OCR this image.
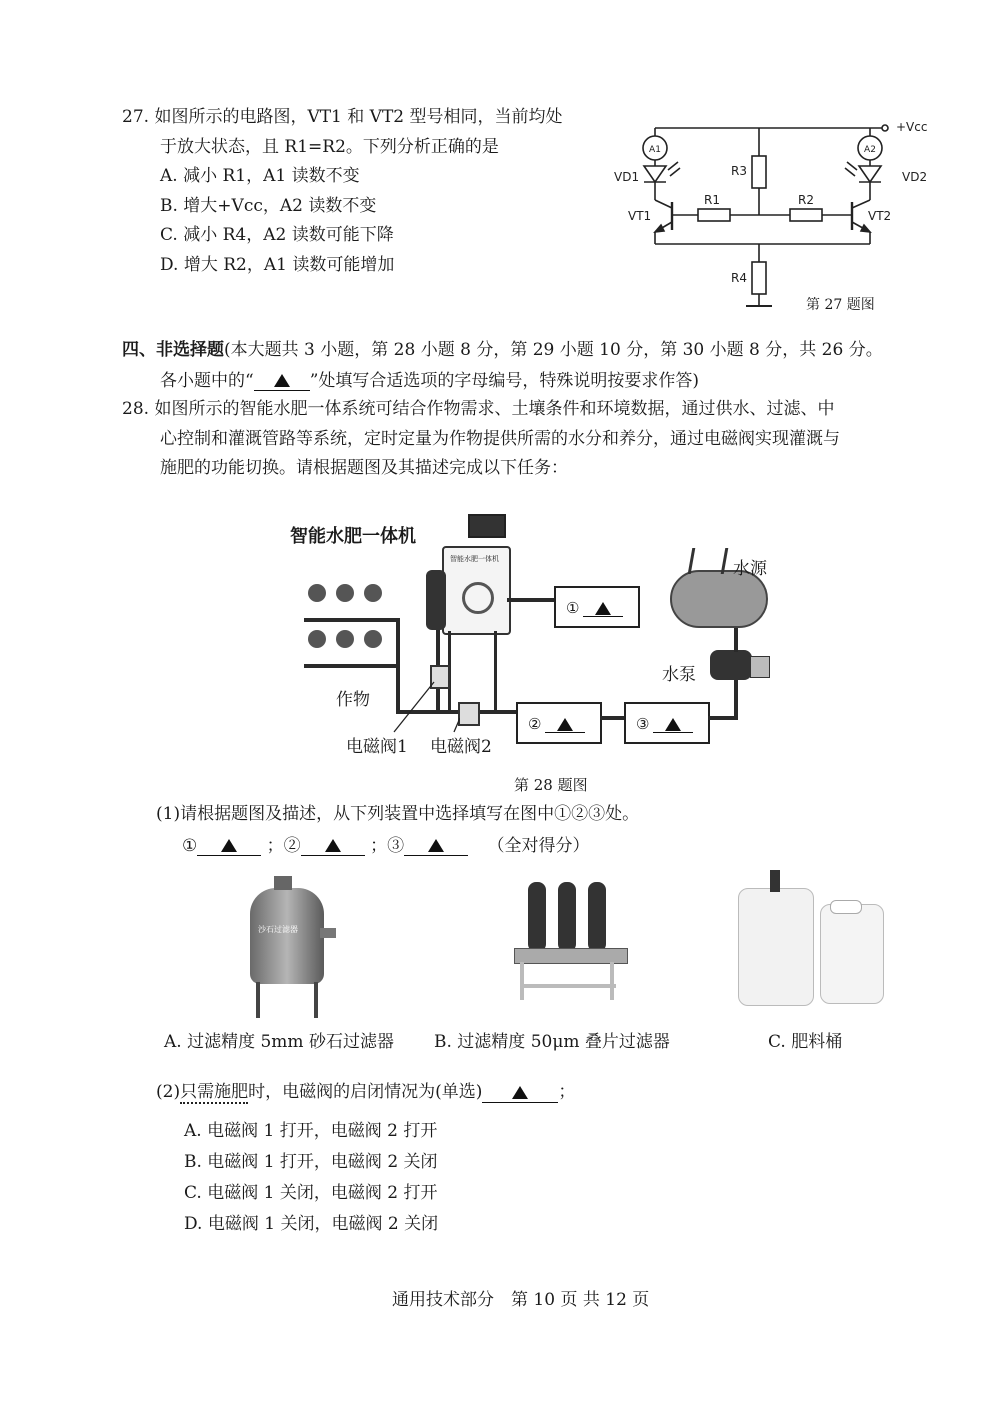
27. 如图所示的电路图，VT1 和 VT2 型号相同，当前均处
于放大状态，且 R1=R2。下列分析正确的是
A. 减小 R1，A1 读数不变
B. 增大+Vcc，A2 读数不变
C. 减小 R4，A2 读数可能下降
D. 增大 R2，A1 读数可能增加
A1	A2
+Vcc
VD1	VD2
R3
R1	R2
VT1	VT2
R4
第 27 题图
四、非选择题(本大题共 3 小题，第 28 小题 8 分，第 29 小题 10 分，第 30 小题 8 分，共 26 分。
各小题中的“	”处填写合适选项的字母编号，特殊说明按要求作答)
28. 如图所示的智能水肥一体系统可结合作物需求、土壤条件和环境数据，通过供水、过滤、中
心控制和灌溉管路等系统，定时定量为作物提供所需的水分和养分，通过电磁阀实现灌溉与
施肥的功能切换。请根据题图及其描述完成以下任务：
智能水肥一体机
智能水肥一体机
作物
①
②	③
水泵
水源
电磁阀1 电磁阀2
第 28 题图
(1)请根据题图及描述，从下列装置中选择填写在图中①②③处。
①	；②	；③	（全对得分）
沙石过滤器
A. 过滤精度 5mm 砂石过滤器 B. 过滤精度 50μm 叠片过滤器	C. 肥料桶
(2)只需施肥时，电磁阀的启闭情况为(单选)	；
A. 电磁阀 1 打开，电磁阀 2 打开
B. 电磁阀 1 打开，电磁阀 2 关闭
C. 电磁阀 1 关闭，电磁阀 2 打开
D. 电磁阀 1 关闭，电磁阀 2 关闭
通用技术部分　第 10 页 共 12 页
